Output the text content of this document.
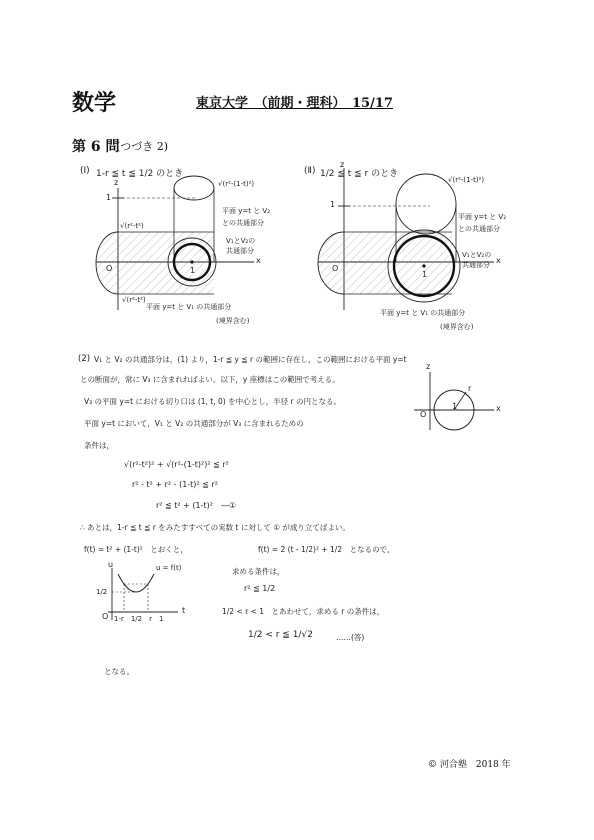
数学	東京大学　（前期・理科）　15/17
第 6 問
(つづき 2)
(Ⅰ) 1-r ≦ t ≦ 1/2 のとき
1
O
x
z	√(r²-(1-t)²)
√(r²-t²)
√(r²-t²)
1
平面 y=t と V₂
との共通部分
V₁とV₂の
共通部分
平面 y=t と V₁ の共通部分
(境界含む)
(Ⅱ) 1/2 ≦ t ≦ r のとき
1
O
x
z
√(r²-(1-t)²)
1
平面 y=t と V₂
との共通部分
V₁とV₂の
共通部分
平面 y=t と V₁ の共通部分
(境界含む)
(2) V₁ と V₂ の共通部分は，(1) より，1-r ≦ y ≦ r の範囲に存在し，この範囲における平面 y=t
との断面が，常に V₃ に含まれればよい。以下，y 座標はこの範囲で考える。
V₃ の平面 y=t における切り口は (1, t, 0) を中心とし，半径 r の円となる。
平面 y=t において，V₁ と V₂ の共通部分が V₃ に含まれるための
条件は，
√(r²-t²)² + √(r²-(1-t)²)² ≦ r²
r² - t² + r² - (1-t)² ≦ r²
r² ≦ t² + (1-t)²　―①
∴ あとは，1-r ≦ t ≦ r をみたすすべての実数 t に対して ① が成り立てばよい。
f(t) = t² + (1-t)²　とおくと，	f(t) = 2 (t - 1/2)² + 1/2　となるので，
r
1	x
z
O
u	u = f(t)
1/2
1-r　1/2　r　1
t
O
求める条件は，
r² ≦ 1/2
1/2 < r < 1　とあわせて，求める r の条件は，
1/2 < r ≦ 1/√2	……(答)
となる。
© 河合塾　2018 年
